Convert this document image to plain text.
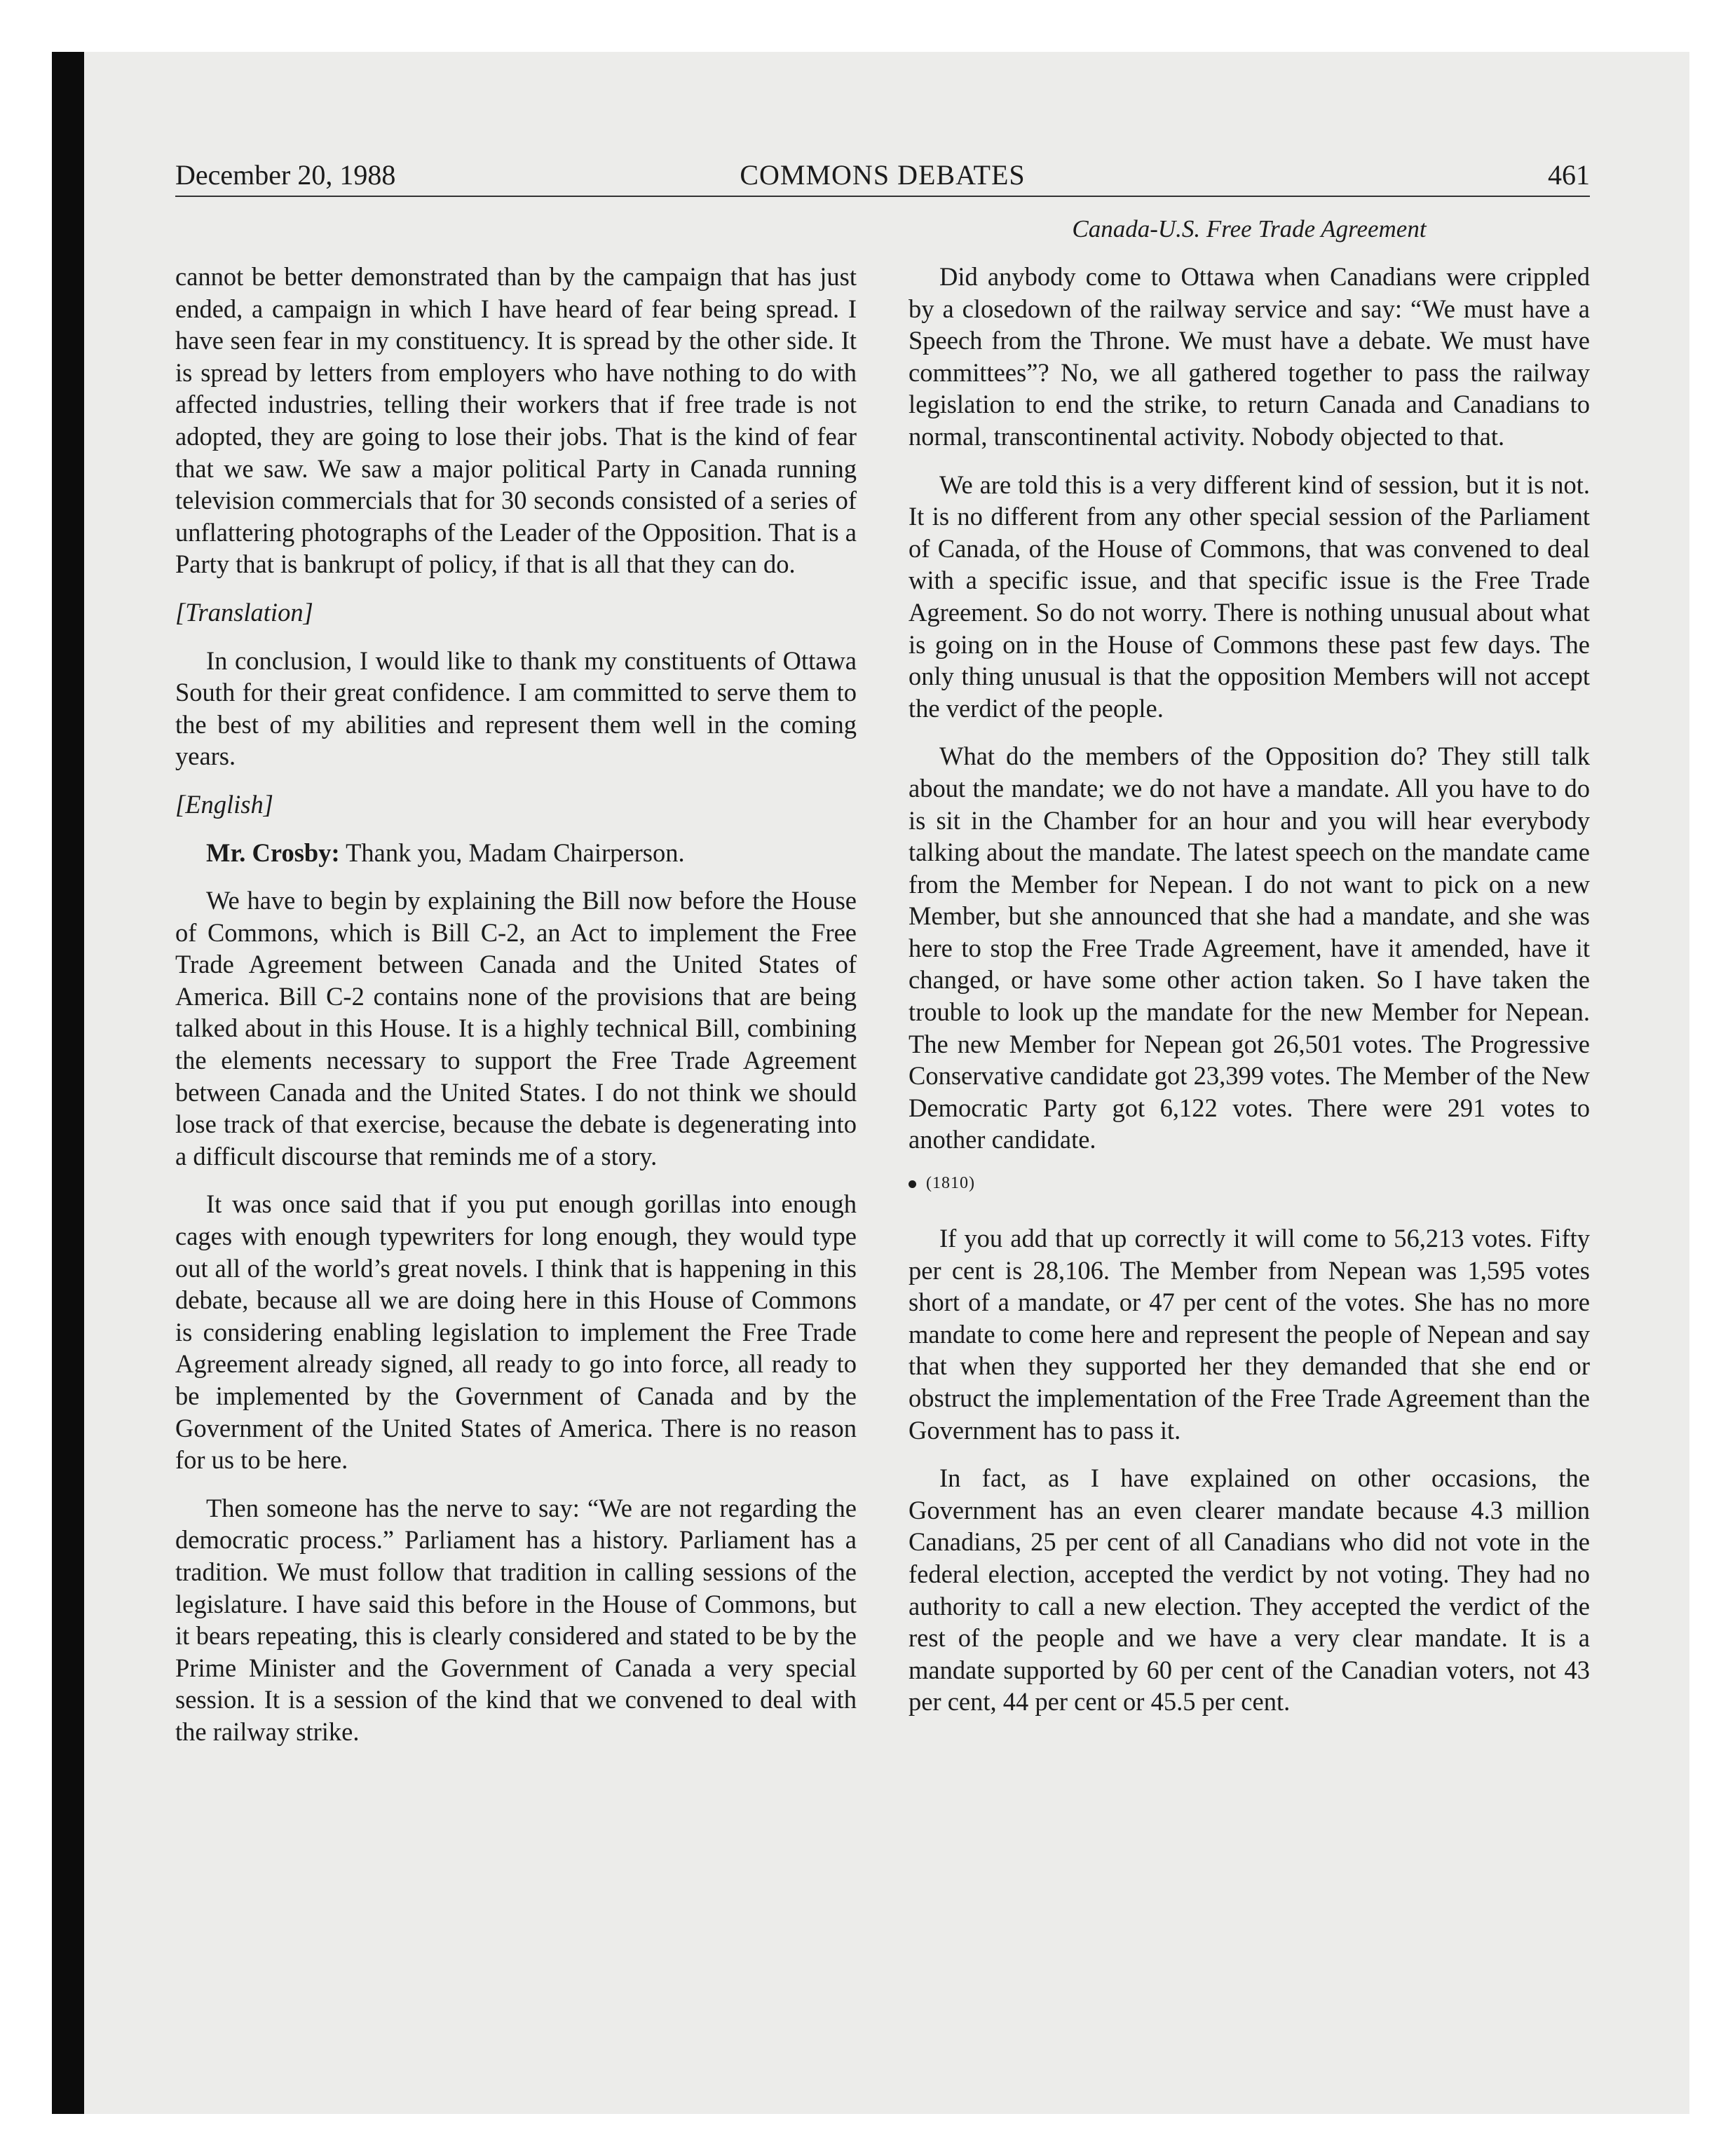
December 20, 1988	COMMONS DEBATES	461
Canada-U.S. Free Trade Agreement

cannot be better demonstrated than by the campaign that has just ended, a campaign in which I have heard of fear being spread. I have seen fear in my constituency. It is spread by the other side. It is spread by letters from employers who have nothing to do with affected industries, telling their workers that if free trade is not adopted, they are going to lose their jobs. That is the kind of fear that we saw. We saw a major political Party in Canada running television commercials that for 30 seconds consisted of a series of unflattering photographs of the Leader of the Opposition. That is a Party that is bankrupt of policy, if that is all that they can do.

[Translation]

In conclusion, I would like to thank my constituents of Ottawa South for their great confidence. I am committed to serve them to the best of my abilities and represent them well in the coming years.

[English]

Mr. Crosby: Thank you, Madam Chairperson.

We have to begin by explaining the Bill now before the House of Commons, which is Bill C-2, an Act to implement the Free Trade Agreement between Canada and the United States of America. Bill C-2 contains none of the provisions that are being talked about in this House. It is a highly technical Bill, combining the elements necessary to support the Free Trade Agreement between Canada and the United States. I do not think we should lose track of that exercise, because the debate is degenerating into a difficult discourse that reminds me of a story.

It was once said that if you put enough gorillas into enough cages with enough typewriters for long enough, they would type out all of the world’s great novels. I think that is happening in this debate, because all we are doing here in this House of Commons is considering enabling legislation to implement the Free Trade Agreement already signed, all ready to go into force, all ready to be implemented by the Government of Canada and by the Government of the United States of America. There is no reason for us to be here.

Then someone has the nerve to say: “We are not regarding the democratic process.” Parliament has a history. Parliament has a tradition. We must follow that tradition in calling sessions of the legislature. I have said this before in the House of Commons, but it bears repeating, this is clearly considered and stated to be by the Prime Minister and the Government of Canada a very special session. It is a session of the kind that we convened to deal with the railway strike.

Did anybody come to Ottawa when Canadians were crippled by a closedown of the railway service and say: “We must have a Speech from the Throne. We must have a debate. We must have committees”? No, we all gathered together to pass the railway legislation to end the strike, to return Canada and Canadians to normal, transcontinental activity. Nobody objected to that.

We are told this is a very different kind of session, but it is not. It is no different from any other special session of the Parliament of Canada, of the House of Commons, that was convened to deal with a specific issue, and that specific issue is the Free Trade Agreement. So do not worry. There is nothing unusual about what is going on in the House of Commons these past few days. The only thing unusual is that the opposition Members will not accept the verdict of the people.

What do the members of the Opposition do? They still talk about the mandate; we do not have a mandate. All you have to do is sit in the Chamber for an hour and you will hear everybody talking about the mandate. The latest speech on the mandate came from the Member for Nepean. I do not want to pick on a new Member, but she announced that she had a mandate, and she was here to stop the Free Trade Agreement, have it amended, have it changed, or have some other action taken. So I have taken the trouble to look up the mandate for the new Member for Nepean. The new Member for Nepean got 26,501 votes. The Progressive Conservative candidate got 23,399 votes. The Member of the New Democratic Party got 6,122 votes. There were 291 votes to another candidate.

(1810)

If you add that up correctly it will come to 56,213 votes. Fifty per cent is 28,106. The Member from Nepean was 1,595 votes short of a mandate, or 47 per cent of the votes. She has no more mandate to come here and represent the people of Nepean and say that when they supported her they demanded that she end or obstruct the implementation of the Free Trade Agreement than the Government has to pass it.

In fact, as I have explained on other occasions, the Government has an even clearer mandate because 4.3 million Canadians, 25 per cent of all Canadians who did not vote in the federal election, accepted the verdict by not voting. They had no authority to call a new election. They accepted the verdict of the rest of the people and we have a very clear mandate. It is a mandate supported by 60 per cent of the Canadian voters, not 43 per cent, 44 per cent or 45.5 per cent.
